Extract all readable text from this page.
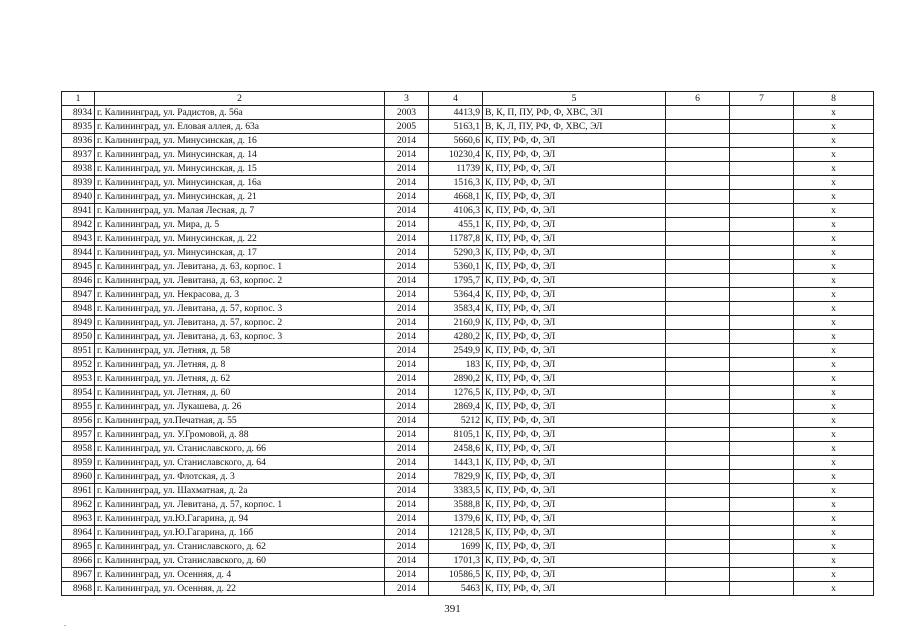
1	2	3	4	5	6	7	8
8934	г. Калининград, ул. Радистов, д. 56а	2003	4413,9	В, К, П, ПУ, РФ, Ф, ХВС, ЭЛ			х
8935	г. Калининград, ул. Еловая аллея, д. 63а	2005	5163,1	В, К, Л, ПУ, РФ, Ф, ХВС, ЭЛ			х
8936	г. Калининград, ул. Минусинская, д. 16	2014	5660,6	К, ПУ, РФ, Ф, ЭЛ			х
8937	г. Калининград, ул. Минусинская, д. 14	2014	10230,4	К, ПУ, РФ, Ф, ЭЛ			х
8938	г. Калининград, ул. Минусинская, д. 15	2014	11739	К, ПУ, РФ, Ф, ЭЛ			х
8939	г. Калининград, ул. Минусинская, д. 16а	2014	1516,3	К, ПУ, РФ, Ф, ЭЛ			х
8940	г. Калининград, ул. Минусинская, д. 21	2014	4668,1	К, ПУ, РФ, Ф, ЭЛ			х
8941	г. Калининград, ул. Малая Лесная, д. 7	2014	4106,3	К, ПУ, РФ, Ф, ЭЛ			х
8942	г. Калининград, ул. Мира, д. 5	2014	455,1	К, ПУ, РФ, Ф, ЭЛ			х
8943	г. Калининград, ул. Минусинская, д. 22	2014	11787,8	К, ПУ, РФ, Ф, ЭЛ			х
8944	г. Калининград, ул. Минусинская, д. 17	2014	5290,3	К, ПУ, РФ, Ф, ЭЛ			х
8945	г. Калининград, ул. Левитана, д. 63, корпос. 1	2014	5360,1	К, ПУ, РФ, Ф, ЭЛ			х
8946	г. Калининград, ул. Левитана, д. 63, корпос. 2	2014	1795,7	К, ПУ, РФ, Ф, ЭЛ			х
8947	г. Калининград, ул. Некрасова, д. 3	2014	5364,4	К, ПУ, РФ, Ф, ЭЛ			х
8948	г. Калининград, ул. Левитана, д. 57, корпос. 3	2014	3583,4	К, ПУ, РФ, Ф, ЭЛ			х
8949	г. Калининград, ул. Левитана, д. 57, корпос. 2	2014	2160,9	К, ПУ, РФ, Ф, ЭЛ			х
8950	г. Калининград, ул. Левитана, д. 63, корпос. 3	2014	4280,2	К, ПУ, РФ, Ф, ЭЛ			х
8951	г. Калининград, ул. Летняя, д. 58	2014	2549,9	К, ПУ, РФ, Ф, ЭЛ			х
8952	г. Калининград, ул. Летняя, д. 8	2014	183	К, ПУ, РФ, Ф, ЭЛ			х
8953	г. Калининград, ул. Летняя, д. 62	2014	2890,2	К, ПУ, РФ, Ф, ЭЛ			х
8954	г. Калининград, ул. Летняя, д. 60	2014	1276,5	К, ПУ, РФ, Ф, ЭЛ			х
8955	г. Калининград, ул. Лукашева, д. 26	2014	2869,4	К, ПУ, РФ, Ф, ЭЛ			х
8956	г. Калининград, ул.Печатная, д. 55	2014	5212	К, ПУ, РФ, Ф, ЭЛ			х
8957	г. Калининград, ул. У.Громовой, д. 88	2014	8105,1	К, ПУ, РФ, Ф, ЭЛ			х
8958	г. Калининград, ул. Станиславского, д. 66	2014	2458,6	К, ПУ, РФ, Ф, ЭЛ			х
8959	г. Калининград, ул. Станиславского, д. 64	2014	1443,1	К, ПУ, РФ, Ф, ЭЛ			х
8960	г. Калининград, ул. Флотская, д. 3	2014	7829,9	К, ПУ, РФ, Ф, ЭЛ			х
8961	г. Калининград, ул. Шахматная, д. 2а	2014	3383,5	К, ПУ, РФ, Ф, ЭЛ			х
8962	г. Калининград, ул. Левитана, д. 57, корпос. 1	2014	3588,8	К, ПУ, РФ, Ф, ЭЛ			х
8963	г. Калининград, ул.Ю.Гагарина, д. 94	2014	1379,6	К, ПУ, РФ, Ф, ЭЛ			х
8964	г. Калининград, ул.Ю.Гагарина, д. 16б	2014	12128,5	К, ПУ, РФ, Ф, ЭЛ			х
8965	г. Калининград, ул. Станиславского, д. 62	2014	1699	К, ПУ, РФ, Ф, ЭЛ			х
8966	г. Калининград, ул. Станиславского, д. 60	2014	1701,3	К, ПУ, РФ, Ф, ЭЛ			х
8967	г. Калининград, ул. Осенняя, д. 4	2014	10586,5	К, ПУ, РФ, Ф, ЭЛ			х
8968	г. Калининград, ул. Осенняя, д. 22	2014	5463	К, ПУ, РФ, Ф, ЭЛ			х
391
.
